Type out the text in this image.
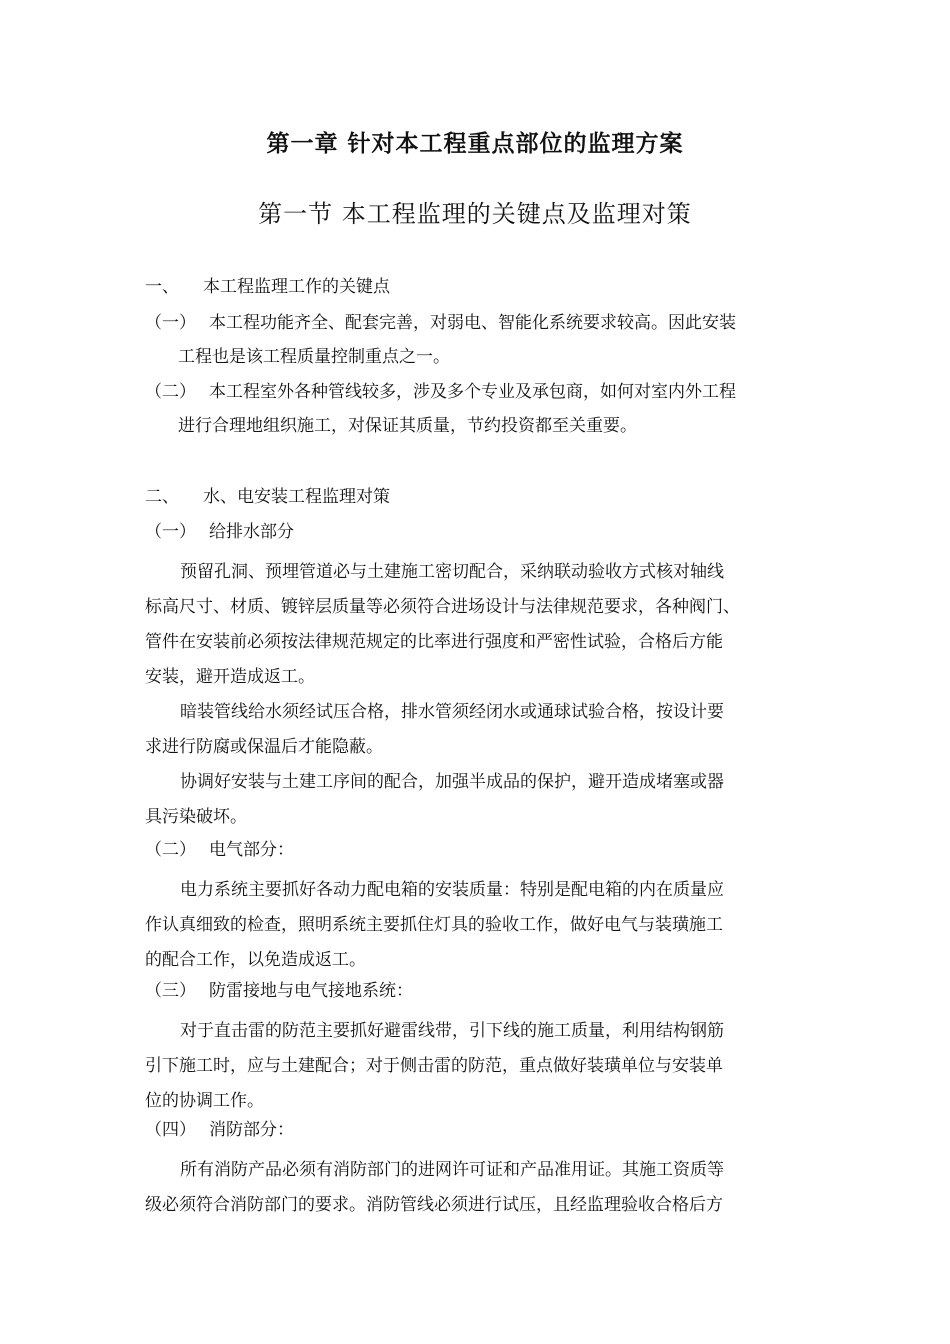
第一章 针对本工程重点部位的监理方案
第一节 本工程监理的关键点及监理对策
一、 本工程监理工作的关键点
（一） 本工程功能齐全、配套完善，对弱电、智能化系统要求较高。因此安装
工程也是该工程质量控制重点之一。
（二） 本工程室外各种管线较多，涉及多个专业及承包商，如何对室内外工程
进行合理地组织施工，对保证其质量，节约投资都至关重要。
二、 水、电安装工程监理对策
（一） 给排水部分
预留孔洞、预埋管道必与土建施工密切配合，采纳联动验收方式核对轴线
标高尺寸、材质、镀锌层质量等必须符合进场设计与法律规范要求，各种阀门、
管件在安装前必须按法律规范规定的比率进行强度和严密性试验，合格后方能
安装，避开造成返工。
暗装管线给水须经试压合格，排水管须经闭水或通球试验合格，按设计要
求进行防腐或保温后才能隐蔽。
协调好安装与土建工序间的配合，加强半成品的保护，避开造成堵塞或器
具污染破坏。
（二） 电气部分：
电力系统主要抓好各动力配电箱的安装质量：特别是配电箱的内在质量应
作认真细致的检查，照明系统主要抓住灯具的验收工作，做好电气与装璜施工
的配合工作，以免造成返工。
（三） 防雷接地与电气接地系统：
对于直击雷的防范主要抓好避雷线带，引下线的施工质量，利用结构钢筋
引下施工时，应与土建配合；对于侧击雷的防范，重点做好装璜单位与安装单
位的协调工作。
（四） 消防部分：
所有消防产品必须有消防部门的进网许可证和产品准用证。其施工资质等
级必须符合消防部门的要求。消防管线必须进行试压，且经监理验收合格后方
